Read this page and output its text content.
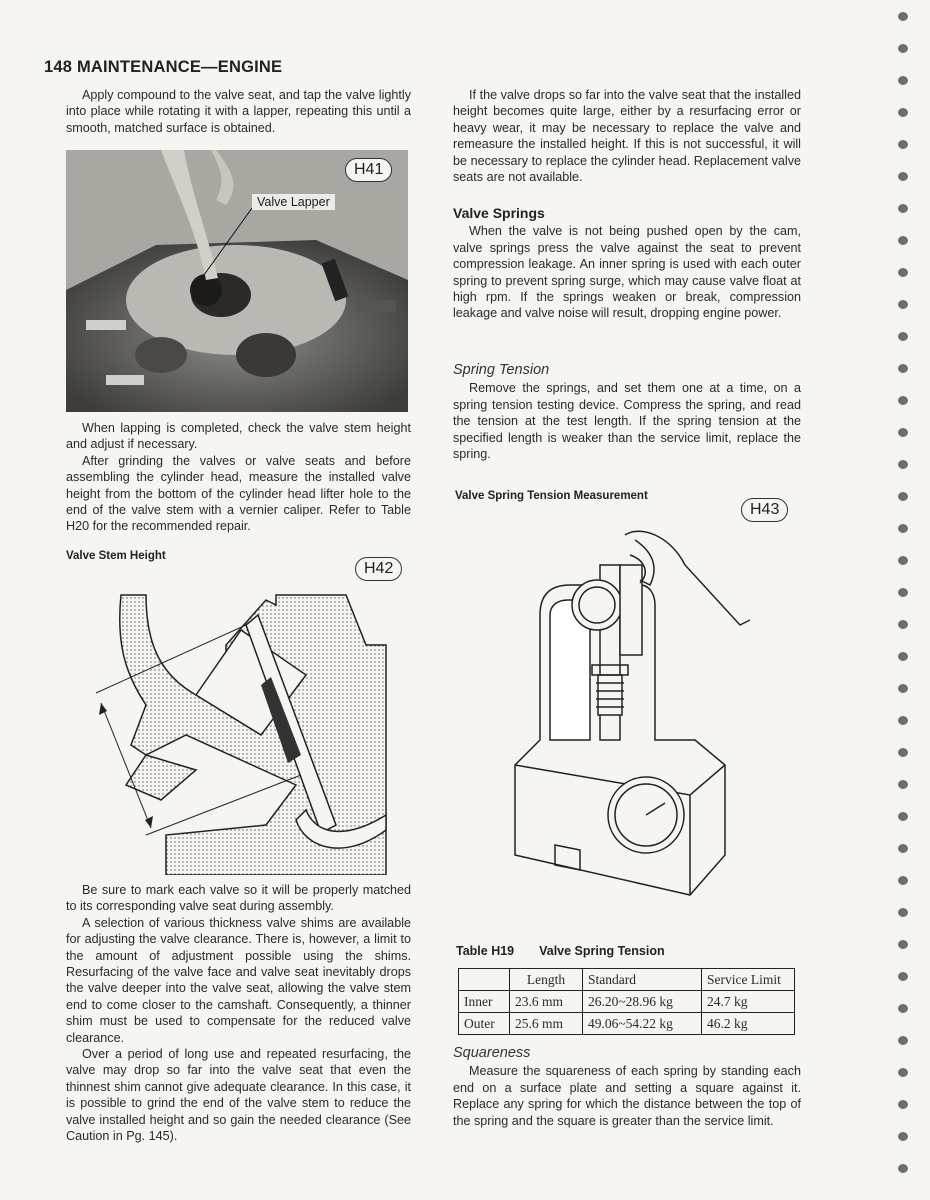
148 MAINTENANCE—ENGINE

Apply compound to the valve seat, and tap the valve lightly into place while rotating it with a lapper, repeating this until a smooth, matched surface is obtained.

Valve Lapper
H41

When lapping is completed, check the valve stem height and adjust if necessary.

After grinding the valves or valve seats and before assembling the cylinder head, measure the installed valve height from the bottom of the cylinder head lifter hole to the end of the valve stem with a vernier caliper. Refer to Table H20 for the recommended repair.

Valve Stem Height
H42

Be sure to mark each valve so it will be properly matched to its corresponding valve seat during assembly.

A selection of various thickness valve shims are available for adjusting the valve clearance. There is, however, a limit to the amount of adjustment possible using the shims. Resurfacing of the valve face and valve seat inevitably drops the valve deeper into the valve seat, allowing the valve stem end to come closer to the camshaft. Consequently, a thinner shim must be used to compensate for the reduced valve clearance.

Over a period of long use and repeated resurfacing, the valve may drop so far into the valve seat that even the thinnest shim cannot give adequate clearance. In this case, it is possible to grind the end of the valve stem to reduce the valve installed height and so gain the needed clearance (See Caution in Pg. 145).

If the valve drops so far into the valve seat that the installed height becomes quite large, either by a resurfacing error or heavy wear, it may be necessary to replace the valve and remeasure the installed height. If this is not successful, it will be necessary to replace the cylinder head. Replacement valve seats are not available.

Valve Springs

When the valve is not being pushed open by the cam, valve springs press the valve against the seat to prevent compression leakage. An inner spring is used with each outer spring to prevent spring surge, which may cause valve float at high rpm. If the springs weaken or break, compression leakage and valve noise will result, dropping engine power.

Spring Tension

Remove the springs, and set them one at a time, on a spring tension testing device. Compress the spring, and read the tension at the test length. If the spring tension at the specified length is weaker than the service limit, replace the spring.

Valve Spring Tension Measurement
H43
Table H19 Valve Spring Tension
	Length	Standard	Service Limit
Inner	23.6 mm	26.20~28.96 kg	24.7 kg
Outer	25.6 mm	49.06~54.22 kg	46.2 kg
Squareness

Measure the squareness of each spring by standing each end on a surface plate and setting a square against it. Replace any spring for which the distance between the top of the spring and the square is greater than the service limit.
